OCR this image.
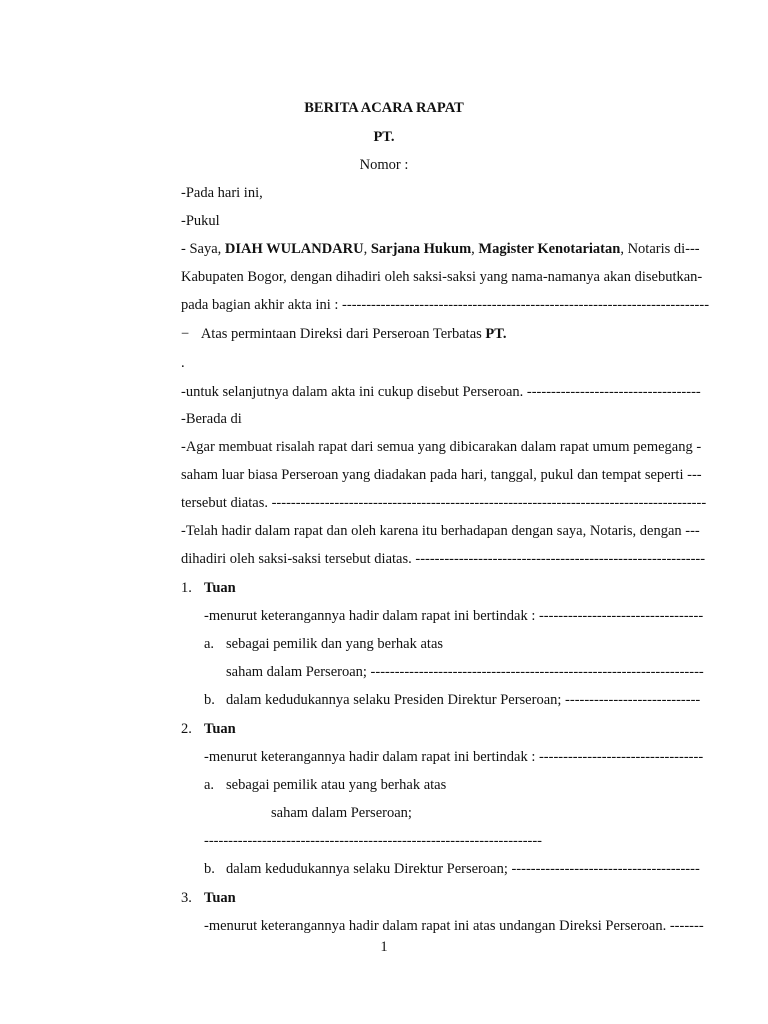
BERITA ACARA RAPAT
PT.
Nomor :
-Pada hari ini,
-Pukul
- Saya, DIAH WULANDARU, Sarjana Hukum, Magister Kenotariatan, Notaris di---
Kabupaten Bogor, dengan dihadiri oleh saksi-saksi yang nama-namanya akan disebutkan-
pada bagian akhir akta ini : ----------------------------------------------------------------------------
− Atas permintaan Direksi dari Perseroan Terbatas PT.
.
-untuk selanjutnya dalam akta ini cukup disebut Perseroan. ------------------------------------
-Berada di
-Agar membuat risalah rapat dari semua yang dibicarakan dalam rapat umum pemegang -
saham luar biasa Perseroan yang diadakan pada hari, tanggal, pukul dan tempat seperti ---
tersebut diatas. ------------------------------------------------------------------------------------------
-Telah hadir dalam rapat dan oleh karena itu berhadapan dengan saya, Notaris, dengan ---
dihadiri oleh saksi-saksi tersebut diatas. ------------------------------------------------------------
1. Tuan
-menurut keterangannya hadir dalam rapat ini bertindak : ----------------------------------
a. sebagai pemilik dan yang berhak atas
saham dalam Perseroan; ---------------------------------------------------------------------
b. dalam kedudukannya selaku Presiden Direktur Perseroan; ----------------------------
2. Tuan
-menurut keterangannya hadir dalam rapat ini bertindak : ----------------------------------
a. sebagai pemilik atau yang berhak atas
saham dalam Perseroan;
----------------------------------------------------------------------
b. dalam kedudukannya selaku Direktur Perseroan; ---------------------------------------
3. Tuan
-menurut keterangannya hadir dalam rapat ini atas undangan Direksi Perseroan. -------
1
